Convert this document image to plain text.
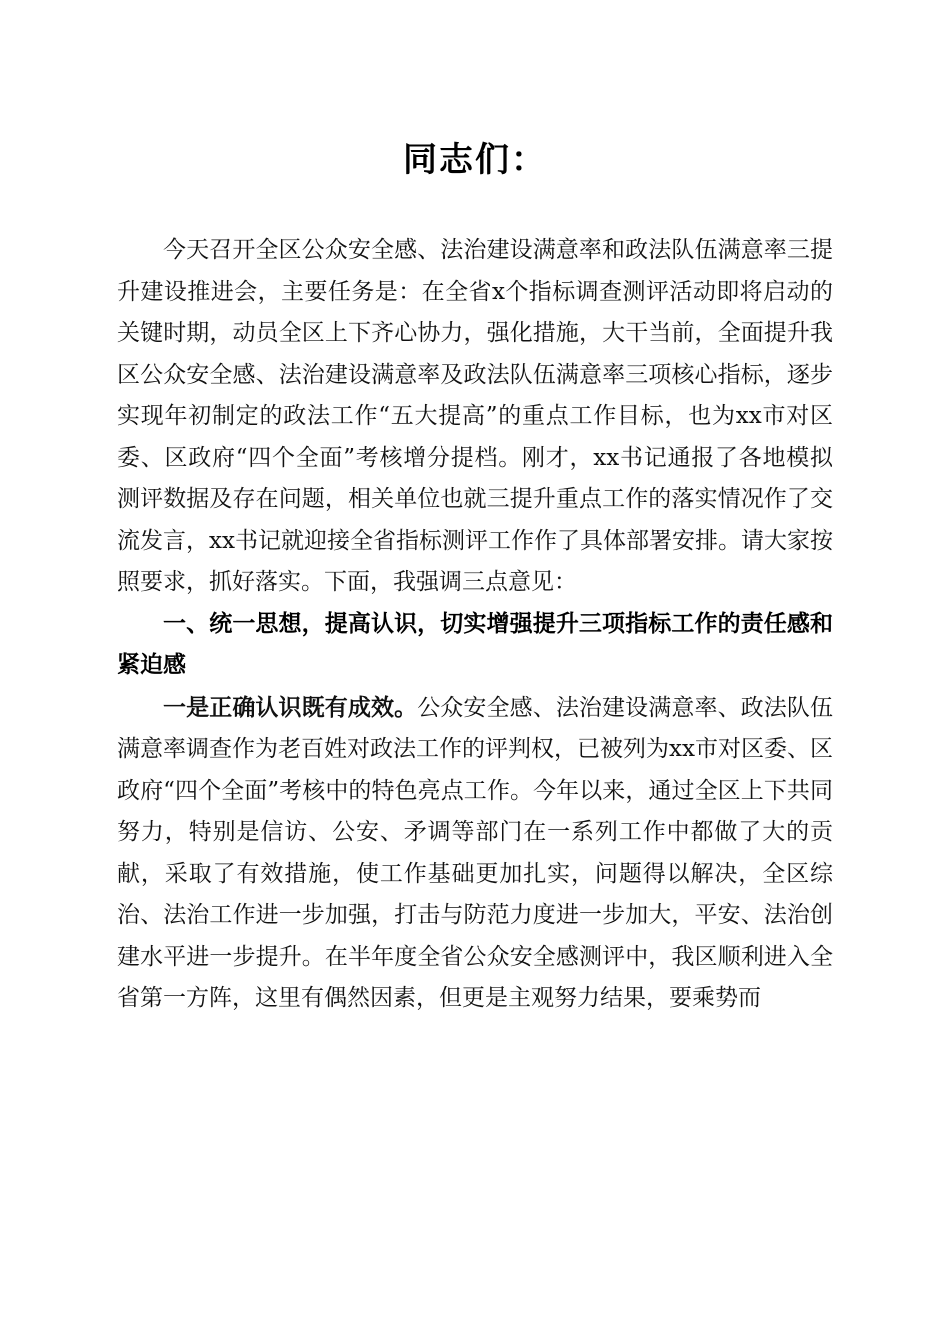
同志们：

今天召开全区公众安全感、法治建设满意率和政法队伍满意率三提升建设推进会，主要任务是：在全省x个指标调查测评活动即将启动的关键时期，动员全区上下齐心协力，强化措施，大干当前，全面提升我区公众安全感、法治建设满意率及政法队伍满意率三项核心指标，逐步实现年初制定的政法工作“五大提高”的重点工作目标，也为xx市对区委、区政府“四个全面”考核增分提档。刚才，xx书记通报了各地模拟测评数据及存在问题，相关单位也就三提升重点工作的落实情况作了交流发言，xx书记就迎接全省指标测评工作作了具体部署安排。请大家按照要求，抓好落实。下面，我强调三点意见：

一、统一思想，提高认识，切实增强提升三项指标工作的责任感和紧迫感

一是正确认识既有成效。公众安全感、法治建设满意率、政法队伍满意率调查作为老百姓对政法工作的评判权，已被列为xx市对区委、区政府“四个全面”考核中的特色亮点工作。今年以来，通过全区上下共同努力，特别是信访、公安、矛调等部门在一系列工作中都做了大的贡献，采取了有效措施，使工作基础更加扎实，问题得以解决，全区综治、法治工作进一步加强，打击与防范力度进一步加大，平安、法治创建水平进一步提升。在半年度全省公众安全感测评中，我区顺利进入全省第一方阵，这里有偶然因素，但更是主观努力结果，要乘势而
